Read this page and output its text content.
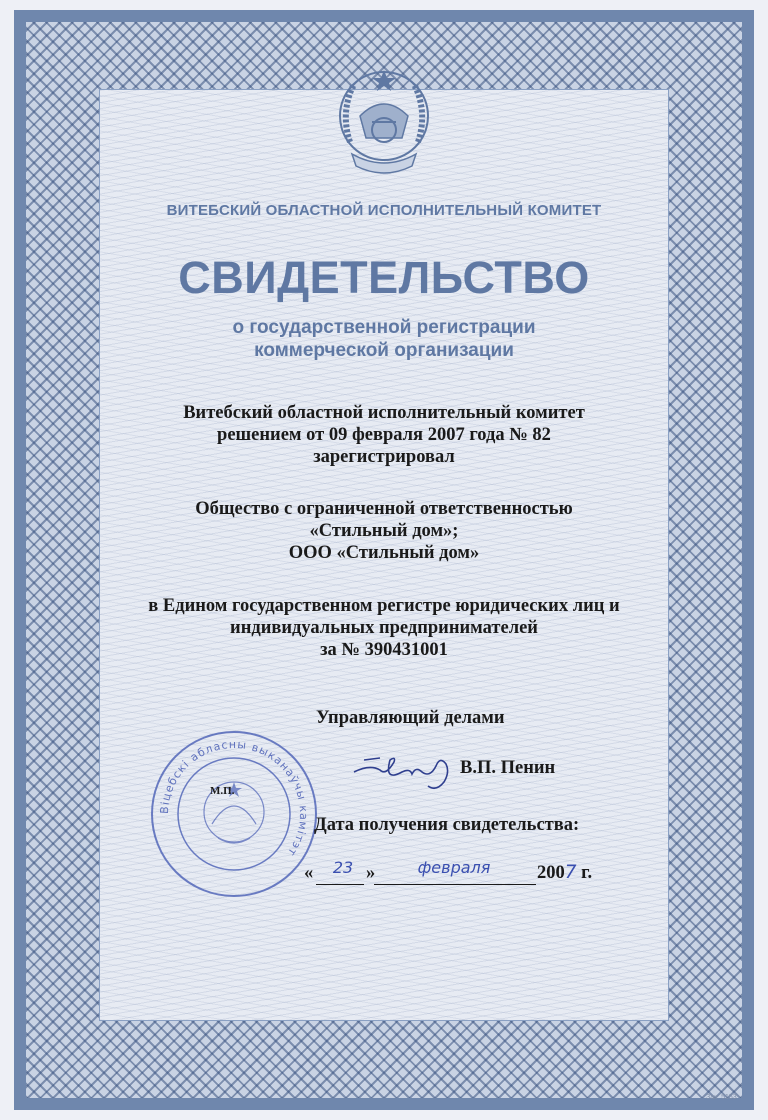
ВИТЕБСКИЙ ОБЛАСТНОЙ ИСПОЛНИТЕЛЬНЫЙ КОМИТЕТ
СВИДЕТЕЛЬСТВО
о государственной регистрации
коммерческой организации
Витебский областной исполнительный комитет
решением от 09 февраля 2007 года № 82
зарегистрировал
Общество с ограниченной ответственностью
«Стильный дом»;
ООО «Стильный дом»
в Едином государственном регистре юридических лиц и
индивидуальных предпринимателей
за № 390431001
Управляющий делами
Віцебскі абласны выканаўчы камітэт
М.П.
В.П. Пенин
Дата получения свидетельства:
«	23 »	февраля	2007 г.
Зак. 5153
